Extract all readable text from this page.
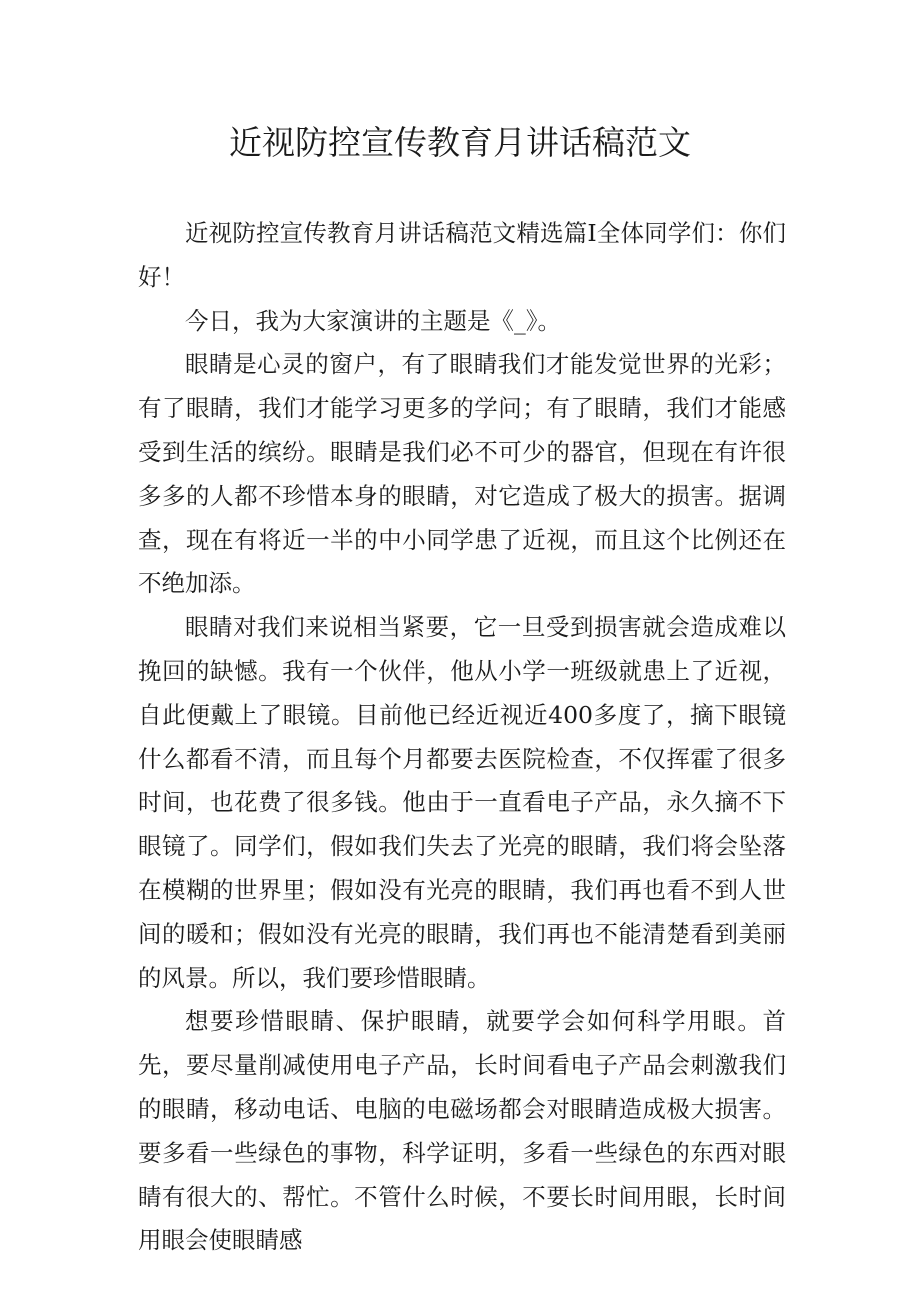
近视防控宣传教育月讲话稿范文

近视防控宣传教育月讲话稿范文精选篇Ⅰ全体同学们：你们好！

今日，我为大家演讲的主题是《_》。

眼睛是心灵的窗户，有了眼睛我们才能发觉世界的光彩；有了眼睛，我们才能学习更多的学问；有了眼睛，我们才能感受到生活的缤纷。眼睛是我们必不可少的器官，但现在有许很多多的人都不珍惜本身的眼睛，对它造成了极大的损害。据调查，现在有将近一半的中小同学患了近视，而且这个比例还在不绝加添。

眼睛对我们来说相当紧要，它一旦受到损害就会造成难以挽回的缺憾。我有一个伙伴，他从小学一班级就患上了近视，自此便戴上了眼镜。目前他已经近视近400多度了，摘下眼镜什么都看不清，而且每个月都要去医院检查，不仅挥霍了很多时间，也花费了很多钱。他由于一直看电子产品，永久摘不下眼镜了。同学们，假如我们失去了光亮的眼睛，我们将会坠落在模糊的世界里；假如没有光亮的眼睛，我们再也看不到人世间的暖和；假如没有光亮的眼睛，我们再也不能清楚看到美丽的风景。所以，我们要珍惜眼睛。

想要珍惜眼睛、保护眼睛，就要学会如何科学用眼。首先，要尽量削减使用电子产品，长时间看电子产品会刺激我们的眼睛，移动电话、电脑的电磁场都会对眼睛造成极大损害。要多看一些绿色的事物，科学证明，多看一些绿色的东西对眼睛有很大的、帮忙。不管什么时候，不要长时间用眼，长时间用眼会使眼睛感
